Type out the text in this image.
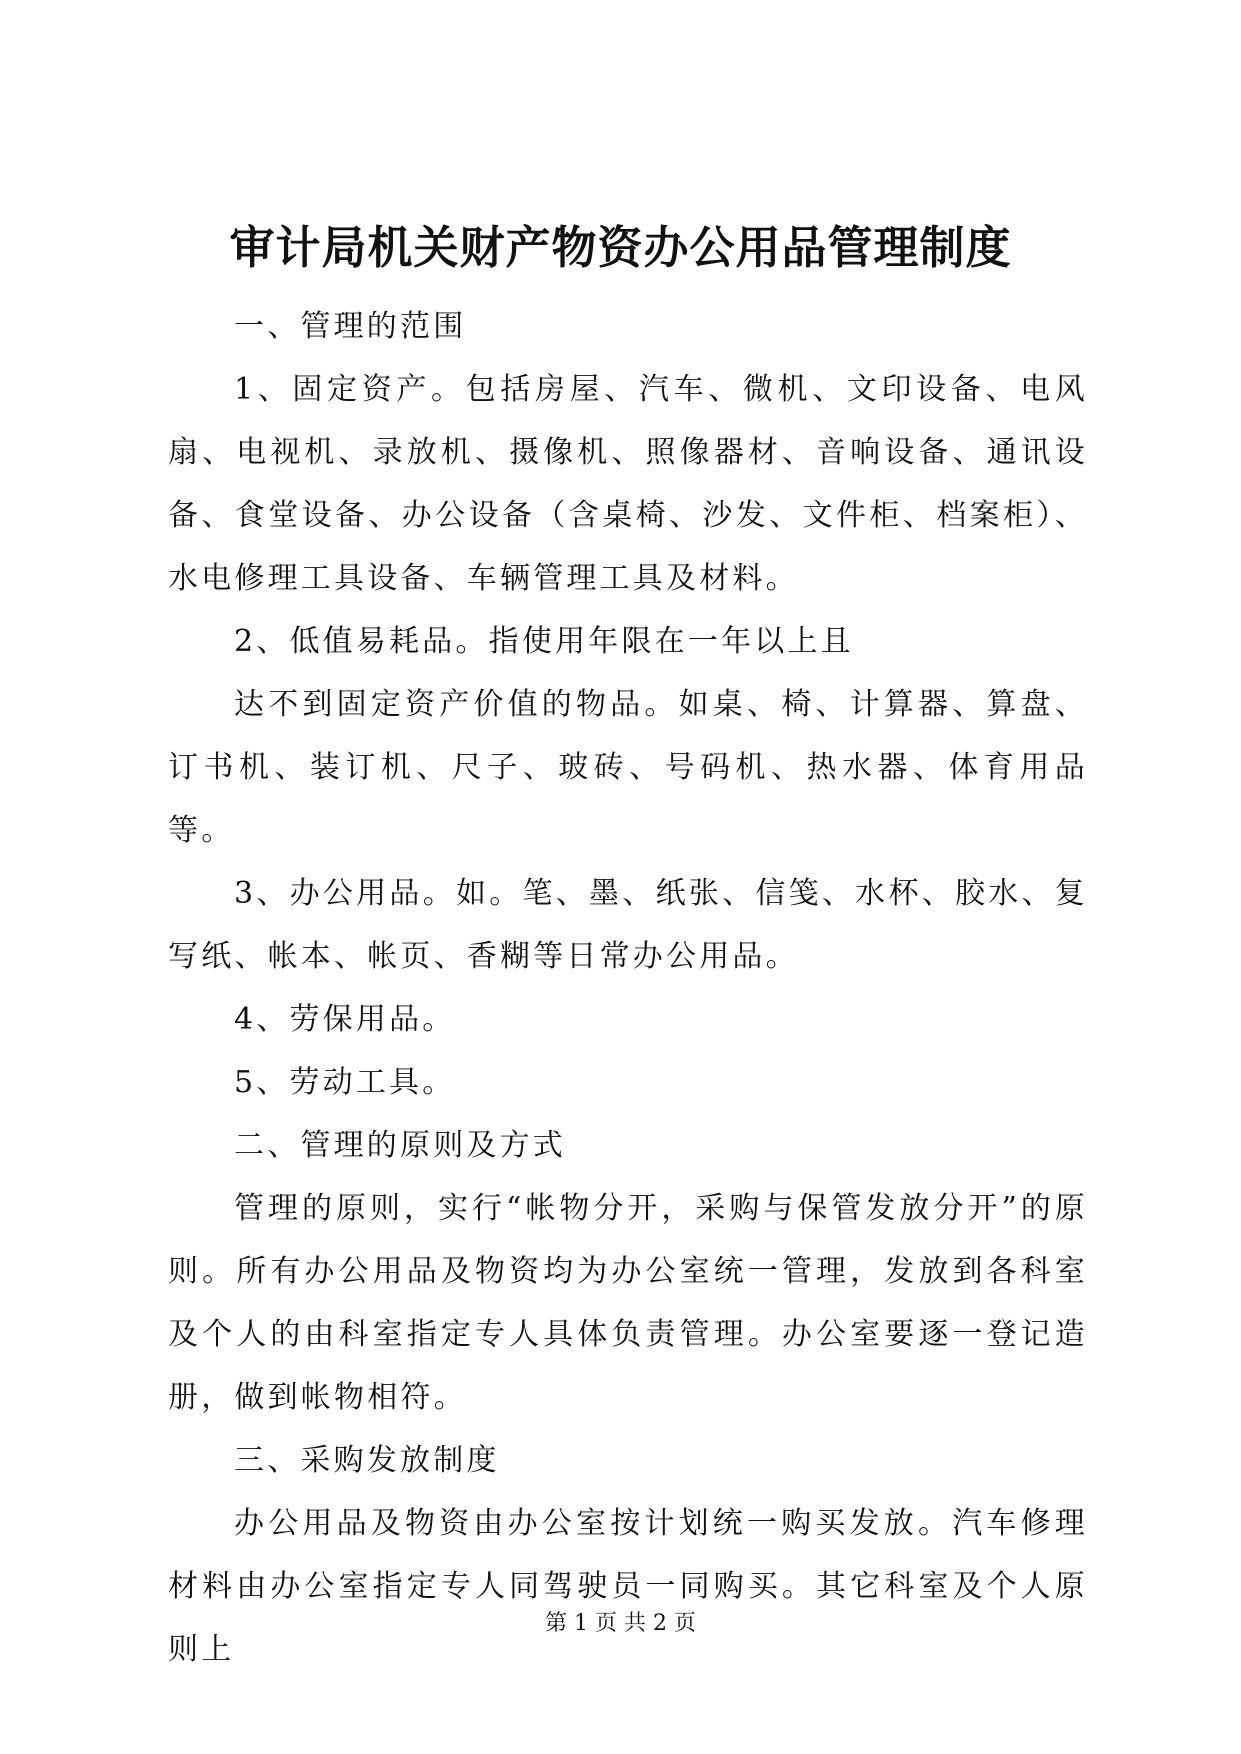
审计局机关财产物资办公用品管理制度

一、管理的范围

1、固定资产。包括房屋、汽车、微机、文印设备、电风扇、电视机、录放机、摄像机、照像器材、音响设备、通讯设备、食堂设备、办公设备（含桌椅、沙发、文件柜、档案柜）、水电修理工具设备、车辆管理工具及材料。

2、低值易耗品。指使用年限在一年以上且

达不到固定资产价值的物品。如桌、椅、计算器、算盘、订书机、装订机、尺子、玻砖、号码机、热水器、体育用品等。

3、办公用品。如。笔、墨、纸张、信笺、水杯、胶水、复写纸、帐本、帐页、香糊等日常办公用品。

4、劳保用品。

5、劳动工具。

二、管理的原则及方式

管理的原则，实行“帐物分开，采购与保管发放分开”的原则。所有办公用品及物资均为办公室统一管理，发放到各科室及个人的由科室指定专人具体负责管理。办公室要逐一登记造册，做到帐物相符。

三、采购发放制度

办公用品及物资由办公室按计划统一购买发放。汽车修理材料由办公室指定专人同驾驶员一同购买。其它科室及个人原则上

第 1 页 共 2 页
